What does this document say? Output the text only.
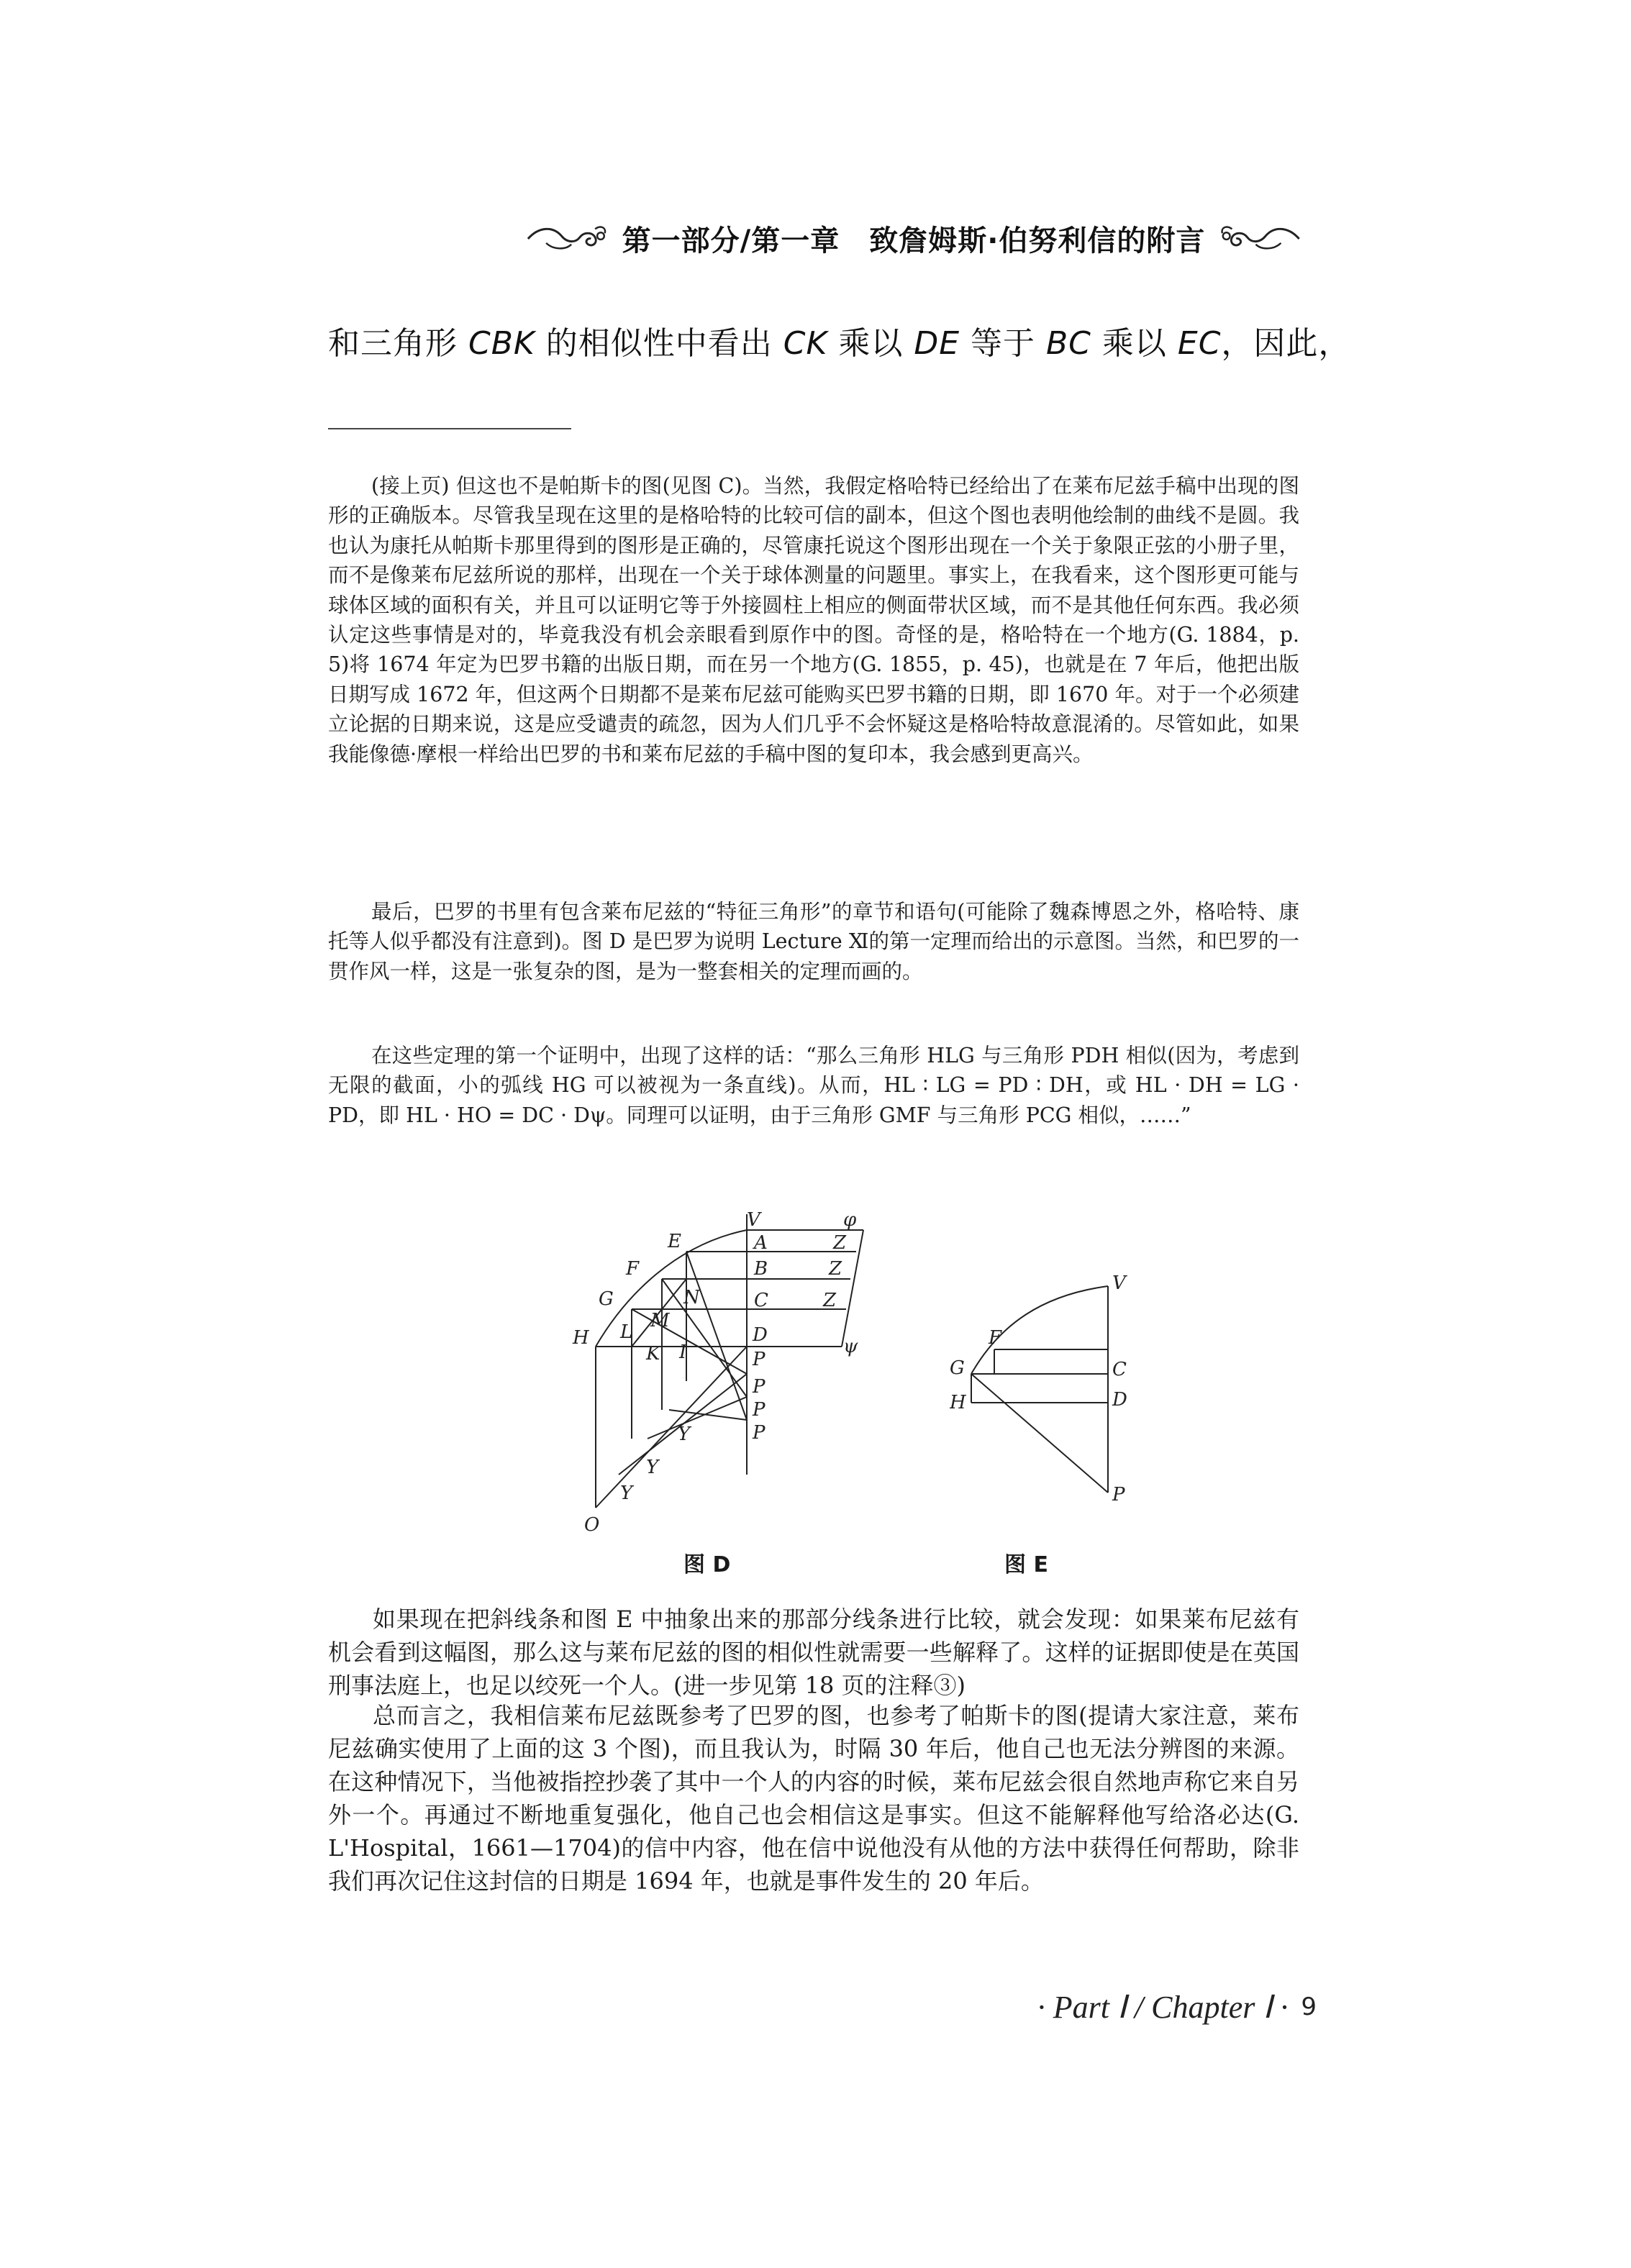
第一部分/第一章　致詹姆斯·伯努利信的附言
和三角形 CBK 的相似性中看出 CK 乘以 DE 等于 BC 乘以 EC，因此，

(接上页) 但这也不是帕斯卡的图(见图 C)。当然，我假定格哈特已经给出了在莱布尼兹手稿中出现的图形的正确版本。尽管我呈现在这里的是格哈特的比较可信的副本，但这个图也表明他绘制的曲线不是圆。我也认为康托从帕斯卡那里得到的图形是正确的，尽管康托说这个图形出现在一个关于象限正弦的小册子里，而不是像莱布尼兹所说的那样，出现在一个关于球体测量的问题里。事实上，在我看来，这个图形更可能与球体区域的面积有关，并且可以证明它等于外接圆柱上相应的侧面带状区域，而不是其他任何东西。我必须认定这些事情是对的，毕竟我没有机会亲眼看到原作中的图。奇怪的是，格哈特在一个地方(G. 1884，p. 5)将 1674 年定为巴罗书籍的出版日期，而在另一个地方(G. 1855，p. 45)，也就是在 7 年后，他把出版日期写成 1672 年，但这两个日期都不是莱布尼兹可能购买巴罗书籍的日期，即 1670 年。对于一个必须建立论据的日期来说，这是应受谴责的疏忽，因为人们几乎不会怀疑这是格哈特故意混淆的。尽管如此，如果我能像德·摩根一样给出巴罗的书和莱布尼兹的手稿中图的复印本，我会感到更高兴。

最后，巴罗的书里有包含莱布尼兹的“特征三角形”的章节和语句(可能除了魏森博恩之外，格哈特、康托等人似乎都没有注意到)。图 D 是巴罗为说明 Lecture Ⅺ的第一定理而给出的示意图。当然，和巴罗的一贯作风一样，这是一张复杂的图，是为一整套相关的定理而画的。

在这些定理的第一个证明中，出现了这样的话：“那么三角形 HLG 与三角形 PDH 相似(因为，考虑到无限的截面，小的弧线 HG 可以被视为一条直线)。从而，HL ∶ LG = PD ∶ DH，或 HL · DH = LG · PD，即 HL · HO = DC · Dψ。同理可以证明，由于三角形 GMF 与三角形 PCG 相似，……”

V	φ
E	A	Z
B	Z
F
N	C	Z
G
M
H L	D
ψ
K I	P
P
P
Y	P
Y
Y
O
图 D
V
F
G	C
D
H
P
图 E

如果现在把斜线条和图 E 中抽象出来的那部分线条进行比较，就会发现：如果莱布尼兹有机会看到这幅图，那么这与莱布尼兹的图的相似性就需要一些解释了。这样的证据即使是在英国刑事法庭上，也足以绞死一个人。(进一步见第 18 页的注释③)

总而言之，我相信莱布尼兹既参考了巴罗的图，也参考了帕斯卡的图(提请大家注意，莱布尼兹确实使用了上面的这 3 个图)，而且我认为，时隔 30 年后，他自己也无法分辨图的来源。在这种情况下，当他被指控抄袭了其中一个人的内容的时候，莱布尼兹会很自然地声称它来自另外一个。再通过不断地重复强化，他自己也会相信这是事实。但这不能解释他写给洛必达(G. L'Hospital，1661—1704)的信中内容，他在信中说他没有从他的方法中获得任何帮助，除非我们再次记住这封信的日期是 1694 年，也就是事件发生的 20 年后。

· Part Ⅰ / Chapter Ⅰ · 9
